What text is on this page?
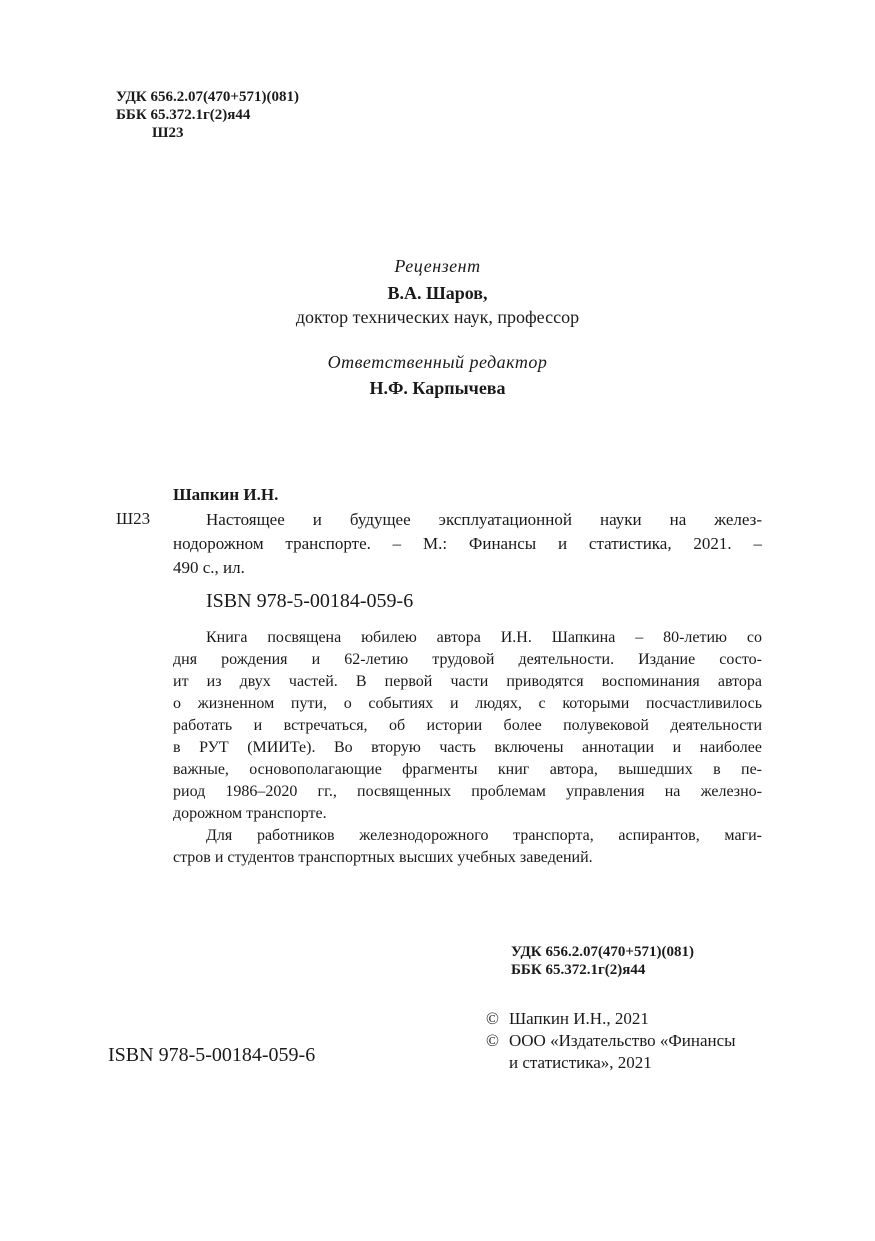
УДК 656.2.07(470+571)(081)
ББК 65.372.1г(2)я44
Ш23
Рецензент
В.А. Шаров,
доктор технических наук, профессор
Ответственный редактор
Н.Ф. Карпычева
Шапкин И.Н.
Ш23	Настоящее и будущее эксплуатационной науки на желез-
нодорожном транспорте. – М.: Финансы и статистика, 2021. –
490 с., ил.
ISBN 978-5-00184-059-6
Книга посвящена юбилею автора И.Н. Шапкина – 80-летию со
дня рождения и 62-летию трудовой деятельности. Издание состо-
ит из двух частей. В первой части приводятся воспоминания автора
о жизненном пути, о событиях и людях, с которыми посчастливилось
работать и встречаться, об истории более полувековой деятельности
в РУТ (МИИТе). Во вторую часть включены аннотации и наиболее
важные, основополагающие фрагменты книг автора, вышедших в пе-
риод 1986–2020 гг., посвященных проблемам управления на железно-
дорожном транспорте.
Для работников железнодорожного транспорта, аспирантов, маги-
стров и студентов транспортных высших учебных заведений.
УДК 656.2.07(470+571)(081)
ББК 65.372.1г(2)я44
© Шапкин И.Н., 2021
© ООО «Издательство «Финансы
и статистика», 2021
ISBN 978-5-00184-059-6
